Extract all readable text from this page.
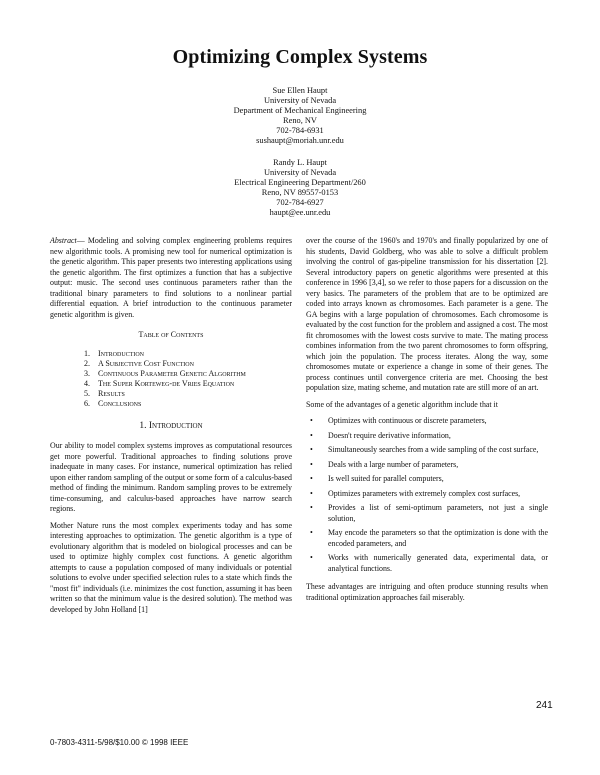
Optimizing Complex Systems
Sue Ellen Haupt
University of Nevada
Department of Mechanical Engineering
Reno, NV
702-784-6931
sushaupt@moriah.unr.edu
Randy L. Haupt
University of Nevada
Electrical Engineering Department/260
Reno, NV 89557-0153
702-784-6927
haupt@ee.unr.edu

Abstract— Modeling and solving complex engineering problems requires new algorithmic tools. A promising new tool for numerical optimization is the genetic algorithm. This paper presents two interesting applications using the genetic algorithm. The first optimizes a function that has a subjective output: music. The second uses continuous parameters rather than the traditional binary parameters to find solutions to a nonlinear partial differential equation. A brief introduction to the continuous parameter genetic algorithm is given.

Table of Contents
1.	Introduction
2.	A Subjective Cost Function
3.	Continuous Parameter Genetic Algorithm
4.	The Super Korteweg-de Vries Equation
5.	Results
6.	Conclusions
1. Introduction

Our ability to model complex systems improves as computational resources get more powerful. Traditional approaches to finding solutions prove inadequate in many cases. For instance, numerical optimization has relied upon either random sampling of the output or some form of a calculus-based method of finding the minimum. Random sampling proves to be extremely time-consuming, and calculus-based approaches have narrow search regions.

Mother Nature runs the most complex experiments today and has some interesting approaches to optimization. The genetic algorithm is a type of evolutionary algorithm that is modeled on biological processes and can be used to optimize highly complex cost functions. A genetic algorithm attempts to cause a population composed of many individuals or potential solutions to evolve under specified selection rules to a state which finds the "most fit" individuals (i.e. minimizes the cost function, assuming it has been written so that the minimum value is the desired solution). The method was developed by John Holland [1]

over the course of the 1960's and 1970's and finally popularized by one of his students, David Goldberg, who was able to solve a difficult problem involving the control of gas-pipeline transmission for his dissertation [2]. Several introductory papers on genetic algorithms were presented at this conference in 1996 [3,4], so we refer to those papers for a discussion on the very basics. The parameters of the problem that are to be optimized are coded into arrays known as chromosomes. Each parameter is a gene. The GA begins with a large population of chromosomes. Each chromosome is evaluated by the cost function for the problem and assigned a cost. The most fit chromosomes with the lowest costs survive to mate. The mating process combines information from the two parent chromosomes to form offspring, which join the population. The process iterates. Along the way, some chromosomes mutate or experience a change in some of their genes. The process continues until convergence criteria are met. Choosing the best population size, mating scheme, and mutation rate are still more of an art.

Some of the advantages of a genetic algorithm include that it

• Optimizes with continuous or discrete parameters,
• Doesn't require derivative information,
• Simultaneously searches from a wide sampling of the cost surface,
• Deals with a large number of parameters,
• Is well suited for parallel computers,
• Optimizes parameters with extremely complex cost surfaces,
• Provides a list of semi-optimum parameters, not just a single solution,
• May encode the parameters so that the optimization is done with the encoded parameters, and
• Works with numerically generated data, experimental data, or analytical functions.

These advantages are intriguing and often produce stunning results when traditional optimization approaches fail miserably.

241
0-7803-4311-5/98/$10.00 © 1998 IEEE
